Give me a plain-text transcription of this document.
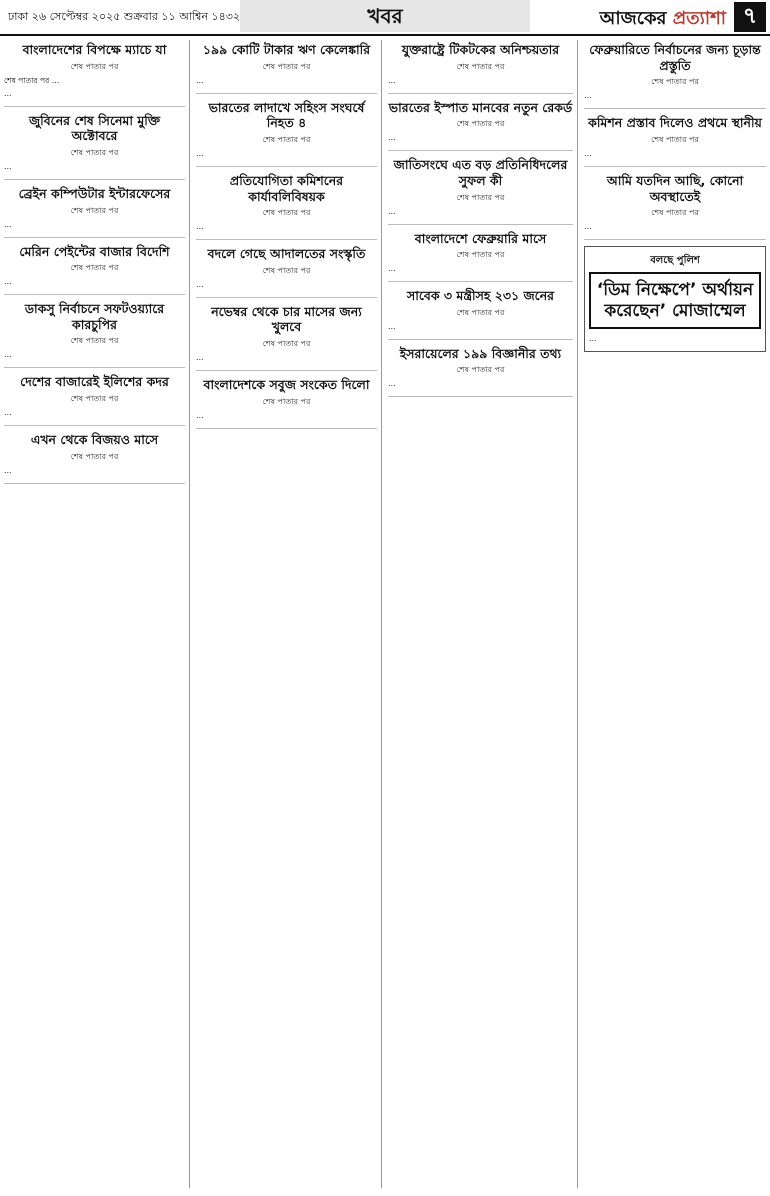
ঢাকা ২৬ সেপ্টেম্বর ২০২৫ শুক্রবার ১১ আশ্বিন ১৪৩২	খবর	আজকের প্রত্যাশা ৭
বাংলাদেশের বিপক্ষে ম্যাচে যা
শেষ পাতার পর

শেষ পাতার পর …

…

জুবিনের শেষ সিনেমা মুক্তি অক্টোবরে
শেষ পাতার পর

…

ব্রেইন কম্পিউটার ইন্টারফেসের
শেষ পাতার পর

…

মেরিন পেইন্টের বাজার বিদেশি
শেষ পাতার পর

…

ডাকসু নির্বাচনে সফটওয়্যারে কারচুপির
শেষ পাতার পর

…

দেশের বাজারেই ইলিশের কদর
শেষ পাতার পর

…

এখন থেকে বিজয়ও মাসে
শেষ পাতার পর

…

১৯৯ কোটি টাকার ঋণ কেলেঙ্কারি
শেষ পাতার পর

…

ভারতের লাদাখে সহিংস সংঘর্ষে নিহত ৪
শেষ পাতার পর

…

প্রতিযোগিতা কমিশনের কার্যাবলিবিষয়ক
শেষ পাতার পর

…

বদলে গেছে আদালতের সংস্কৃতি
শেষ পাতার পর

…

নভেম্বর থেকে চার মাসের জন্য খুলবে
শেষ পাতার পর

…

বাংলাদেশকে সবুজ সংকেত দিলো
শেষ পাতার পর

…

যুক্তরাষ্ট্রে টিকটকের অনিশ্চয়তার
শেষ পাতার পর

…

ভারতের ইস্পাত মানবের নতুন রেকর্ড
শেষ পাতার পর

…

জাতিসংঘে এত বড় প্রতিনিধিদলের সুফল কী
শেষ পাতার পর

…

বাংলাদেশে ফেব্রুয়ারি মাসে
শেষ পাতার পর

…

সাবেক ৩ মন্ত্রীসহ ২৩১ জনের
শেষ পাতার পর

…

ইসরায়েলের ১৯৯ বিজ্ঞানীর তথ্য
শেষ পাতার পর

…

ফেব্রুয়ারিতে নির্বাচনের জন্য চূড়ান্ত প্রস্তুতি
শেষ পাতার পর

…

কমিশন প্রস্তাব দিলেও প্রথমে স্থানীয়
শেষ পাতার পর

…

আমি যতদিন আছি, কোনো অবস্থাতেই
শেষ পাতার পর

…

বলছে পুলিশ
‘ডিম নিক্ষেপে’ অর্থায়ন করেছেন’ মোজাম্মেল

…
